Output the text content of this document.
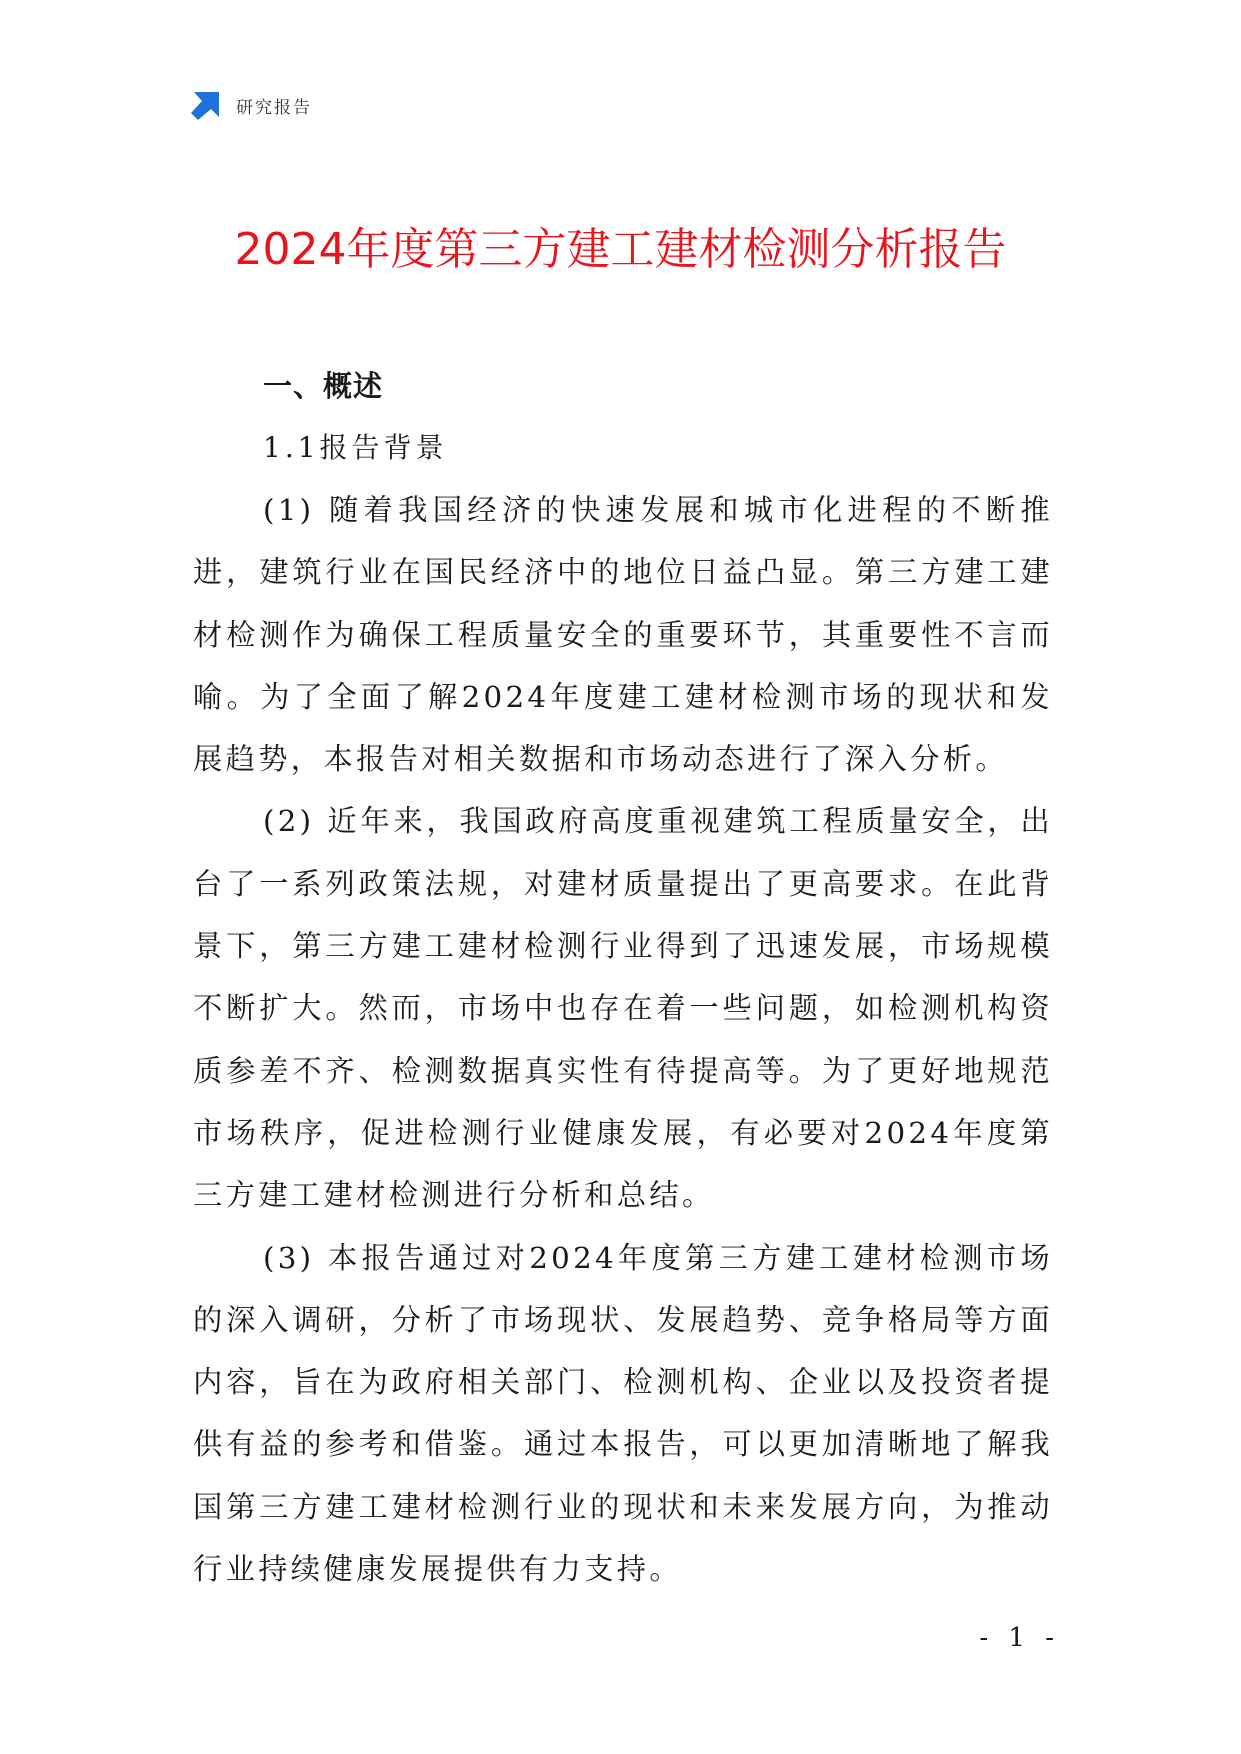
研究报告
2024年度第三方建工建材检测分析报告
一、概述
1.1报告背景

(1) 随着我国经济的快速发展和城市化进程的不断推进，建筑行业在国民经济中的地位日益凸显。第三方建工建材检测作为确保工程质量安全的重要环节，其重要性不言而喻。为了全面了解2024年度建工建材检测市场的现状和发展趋势，本报告对相关数据和市场动态进行了深入分析。

(2) 近年来，我国政府高度重视建筑工程质量安全，出台了一系列政策法规，对建材质量提出了更高要求。在此背景下，第三方建工建材检测行业得到了迅速发展，市场规模不断扩大。然而，市场中也存在着一些问题，如检测机构资质参差不齐、检测数据真实性有待提高等。为了更好地规范市场秩序，促进检测行业健康发展，有必要对2024年度第三方建工建材检测进行分析和总结。

(3) 本报告通过对2024年度第三方建工建材检测市场的深入调研，分析了市场现状、发展趋势、竞争格局等方面内容，旨在为政府相关部门、检测机构、企业以及投资者提供有益的参考和借鉴。通过本报告，可以更加清晰地了解我国第三方建工建材检测行业的现状和未来发展方向，为推动行业持续健康发展提供有力支持。

- 1 -
